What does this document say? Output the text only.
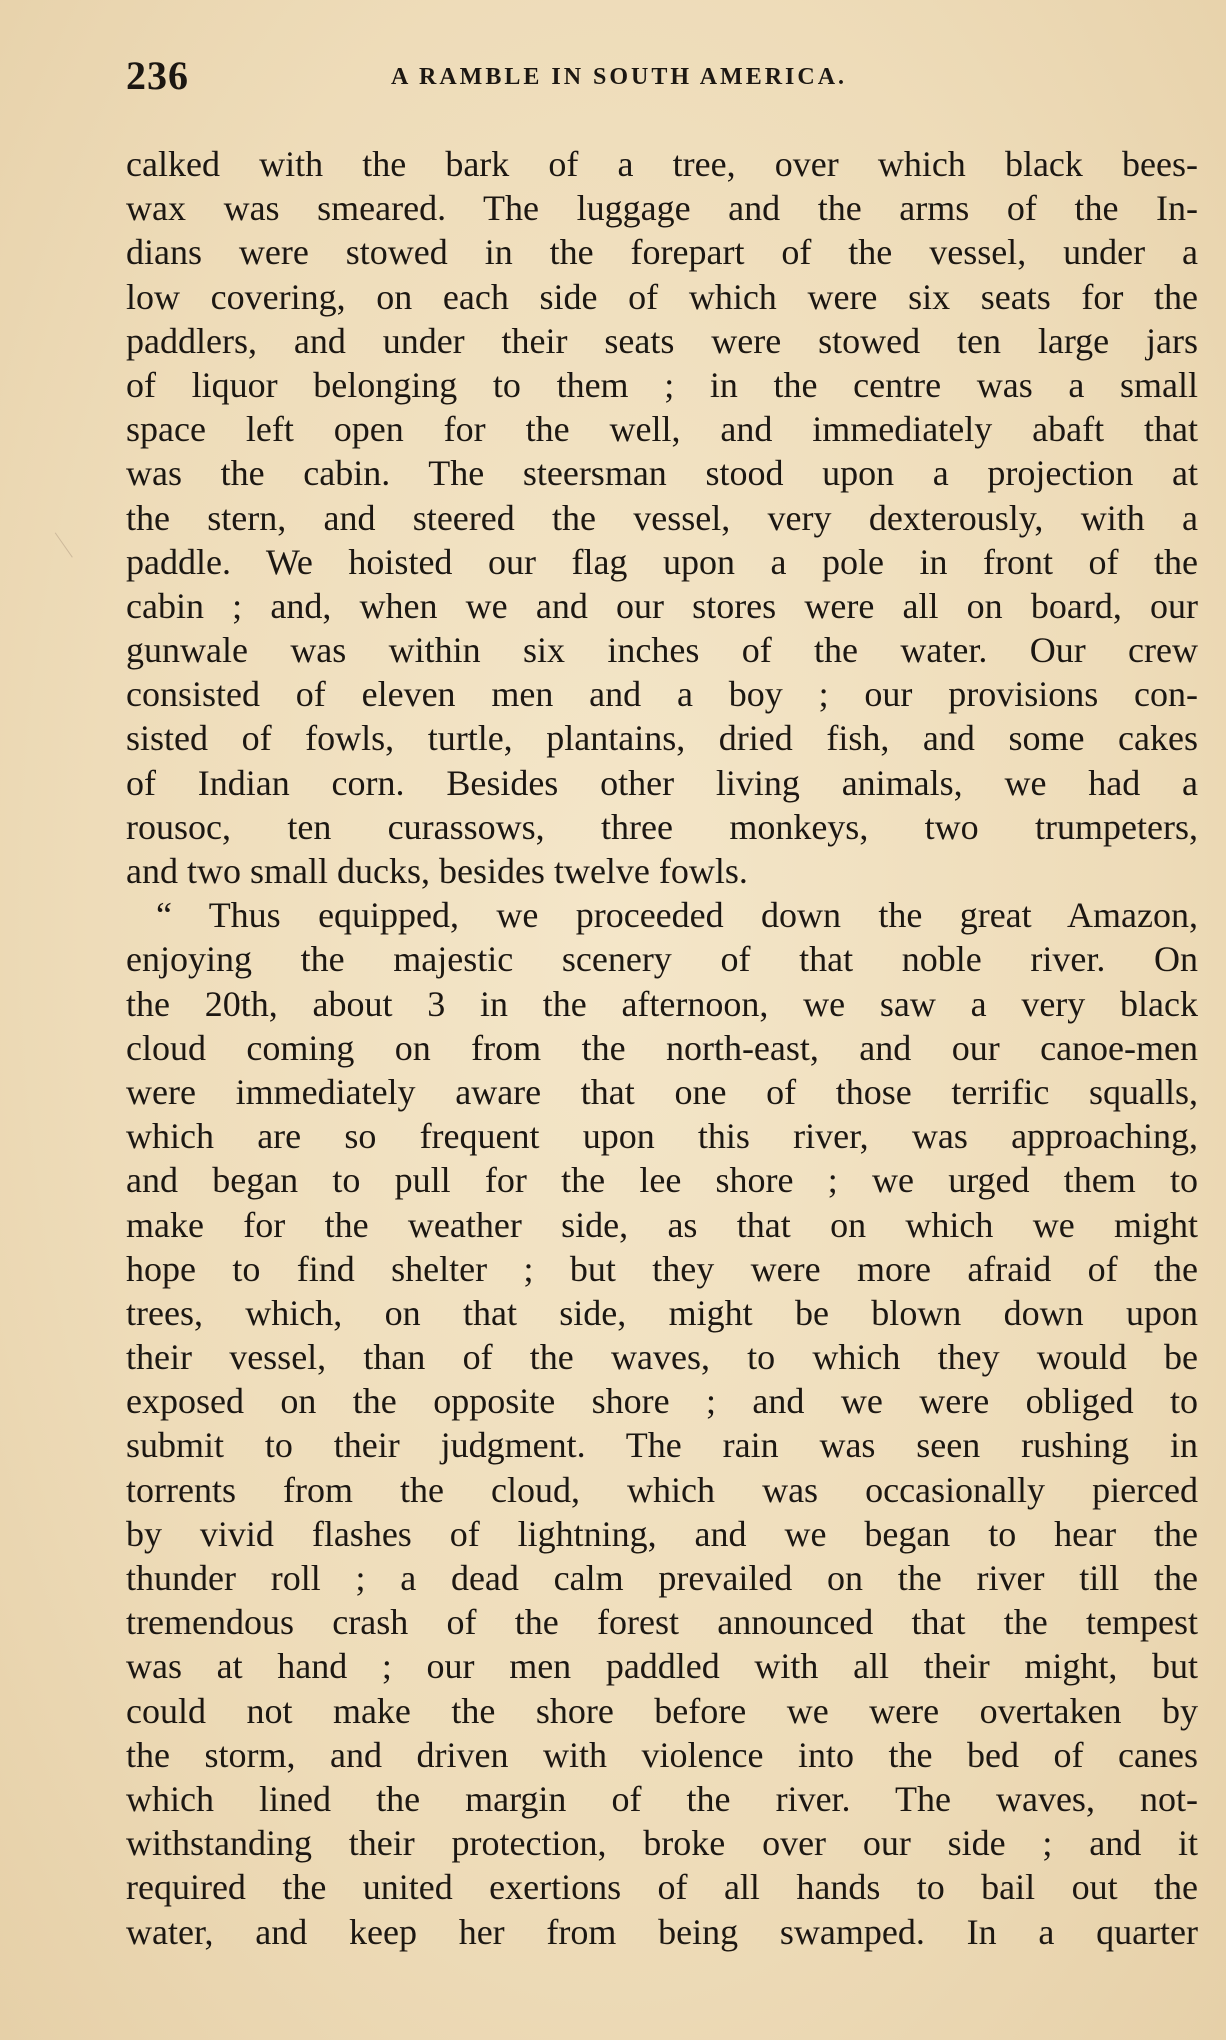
236	A RAMBLE IN SOUTH AMERICA.
calked with the bark of a tree, over which black bees-
wax was smeared. The luggage and the arms of the In-
dians were stowed in the forepart of the vessel, under a
low covering, on each side of which were six seats for the
paddlers, and under their seats were stowed ten large jars
of liquor belonging to them ; in the centre was a small
space left open for the well, and immediately abaft that
was the cabin. The steersman stood upon a projection at
the stern, and steered the vessel, very dexterously, with a
paddle. We hoisted our flag upon a pole in front of the
cabin ; and, when we and our stores were all on board, our
gunwale was within six inches of the water. Our crew
consisted of eleven men and a boy ; our provisions con-
sisted of fowls, turtle, plantains, dried fish, and some cakes
of Indian corn. Besides other living animals, we had a
rousoc, ten curassows, three monkeys, two trumpeters,
and two small ducks, besides twelve fowls.
“ Thus equipped, we proceeded down the great Amazon,
enjoying the majestic scenery of that noble river. On
the 20th, about 3 in the afternoon, we saw a very black
cloud coming on from the north-east, and our canoe-men
were immediately aware that one of those terrific squalls,
which are so frequent upon this river, was approaching,
and began to pull for the lee shore ; we urged them to
make for the weather side, as that on which we might
hope to find shelter ; but they were more afraid of the
trees, which, on that side, might be blown down upon
their vessel, than of the waves, to which they would be
exposed on the opposite shore ; and we were obliged to
submit to their judgment. The rain was seen rushing in
torrents from the cloud, which was occasionally pierced
by vivid flashes of lightning, and we began to hear the
thunder roll ; a dead calm prevailed on the river till the
tremendous crash of the forest announced that the tempest
was at hand ; our men paddled with all their might, but
could not make the shore before we were overtaken by
the storm, and driven with violence into the bed of canes
which lined the margin of the river. The waves, not-
withstanding their protection, broke over our side ; and it
required the united exertions of all hands to bail out the
water, and keep her from being swamped. In a quarter
